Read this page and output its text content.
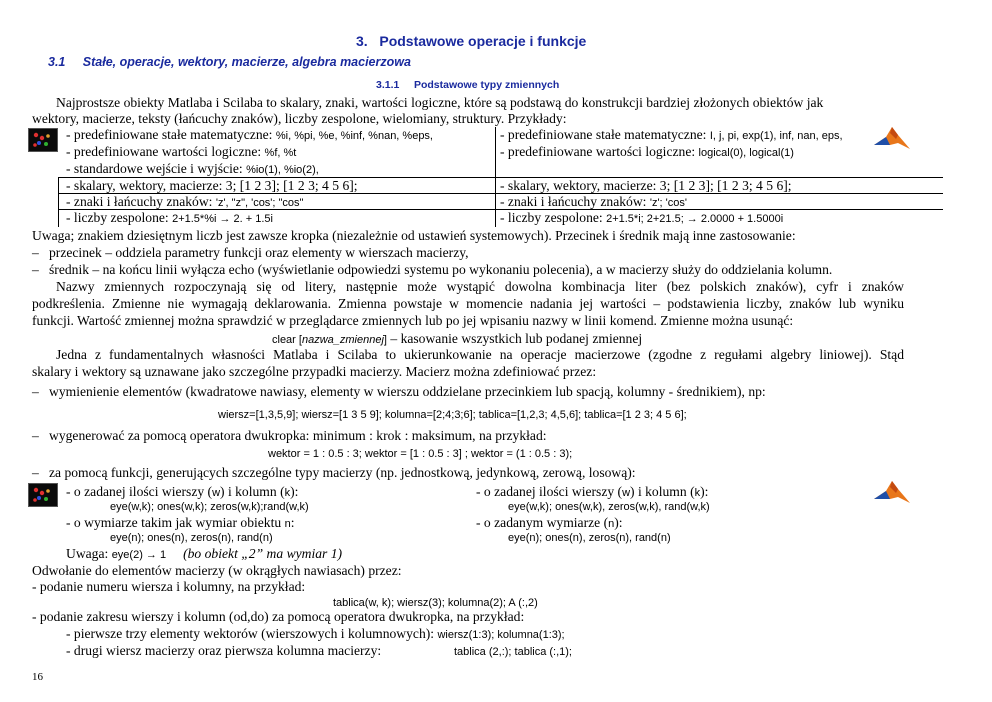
3. Podstawowe operacje i funkcje
3.1 Stałe, operacje, wektory, macierze, algebra macierzowa
3.1.1 Podstawowe typy zmiennych
Najprostsze obiekty Matlaba i Scilaba to skalary, znaki, wartości logiczne, które są podstawą do konstrukcji bardziej złożonych obiektów jak
wektory, macierze, teksty (łańcuchy znaków), liczby zespolone, wielomiany, struktury. Przykłady:
- predefiniowane stałe matematyczne: %i, %pi, %e, %inf, %nan, %eps,
- predefiniowane wartości logiczne: %f, %t
- standardowe wejście i wyjście: %io(1), %io(2),
- skalary, wektory, macierze: 3; [1 2 3]; [1 2 3; 4 5 6];
- znaki i łańcuchy znaków: 'z', "z", 'cos'; "cos"
- liczby zespolone: 2+1.5*%i → 2. + 1.5i
- predefiniowane stałe matematyczne: I, j, pi, exp(1), inf, nan, eps,
- predefiniowane wartości logiczne: logical(0), logical(1)
- skalary, wektory, macierze: 3; [1 2 3]; [1 2 3; 4 5 6];
- znaki i łańcuchy znaków: 'z'; 'cos'
- liczby zespolone: 2+1.5*i; 2+21.5; → 2.0000 + 1.5000i
Uwaga; znakiem dziesiętnym liczb jest zawsze kropka (niezależnie od ustawień systemowych). Przecinek i średnik mają inne zastosowanie:
–   przecinek – oddziela parametry funkcji oraz elementy w wierszach macierzy,
–   średnik – na końcu linii wyłącza echo (wyświetlanie odpowiedzi systemu po wykonaniu polecenia), a w macierzy służy do oddzielania kolumn.
Nazwy zmiennych rozpoczynają się od litery, następnie może wystąpić dowolna kombinacja liter (bez polskich znaków), cyfr i znaków
podkreślenia. Zmienne nie wymagają deklarowania. Zmienna powstaje w momencie nadania jej wartości – podstawienia liczby, znaków lub wyniku
funkcji. Wartość zmiennej można sprawdzić w przeglądarce zmiennych lub po jej wpisaniu nazwy w linii komend. Zmienne można usunąć:
clear [nazwa_zmiennej] – kasowanie wszystkich lub podanej zmiennej
Jedna z fundamentalnych własności Matlaba i Scilaba to ukierunkowanie na operacje macierzowe (zgodne z regułami algebry liniowej). Stąd
skalary i wektory są uznawane jako szczególne przypadki macierzy. Macierz można zdefiniować przez:
–   wymienienie elementów (kwadratowe nawiasy, elementy w wierszu oddzielane przecinkiem lub spacją, kolumny - średnikiem), np:
wiersz=[1,3,5,9]; wiersz=[1 3 5 9]; kolumna=[2;4;3;6]; tablica=[1,2,3; 4,5,6]; tablica=[1 2 3; 4 5 6];
–   wygenerować za pomocą operatora dwukropka: minimum : krok : maksimum, na przykład:
wektor = 1 : 0.5 : 3; wektor = [1 : 0.5 : 3] ; wektor = (1 : 0.5 : 3);
–   za pomocą funkcji, generujących szczególne typy macierzy (np. jednostkową, jedynkową, zerową, losową):
- o zadanej ilości wierszy (w) i kolumn (k):
eye(w,k); ones(w,k); zeros(w,k);rand(w,k)
- o wymiarze takim jak wymiar obiektu n:
eye(n); ones(n), zeros(n), rand(n)
Uwaga: eye(2) → 1 (bo obiekt „2” ma wymiar 1)
- o zadanej ilości wierszy (w) i kolumn (k):
eye(w,k); ones(w,k), zeros(w,k), rand(w,k)
- o zadanym wymiarze (n):
eye(n); ones(n), zeros(n), rand(n)
Odwołanie do elementów macierzy (w okrągłych nawiasach) przez:
- podanie numeru wiersza i kolumny, na przykład:
tablica(w, k); wiersz(3); kolumna(2); A (:,2)
- podanie zakresu wierszy i kolumn (od,do) za pomocą operatora dwukropka, na przykład:
- pierwsze trzy elementy wektorów (wierszowych i kolumnowych): wiersz(1:3); kolumna(1:3);
- drugi wiersz macierzy oraz pierwsza kolumna macierzy:	tablica (2,:); tablica (:,1);
16
